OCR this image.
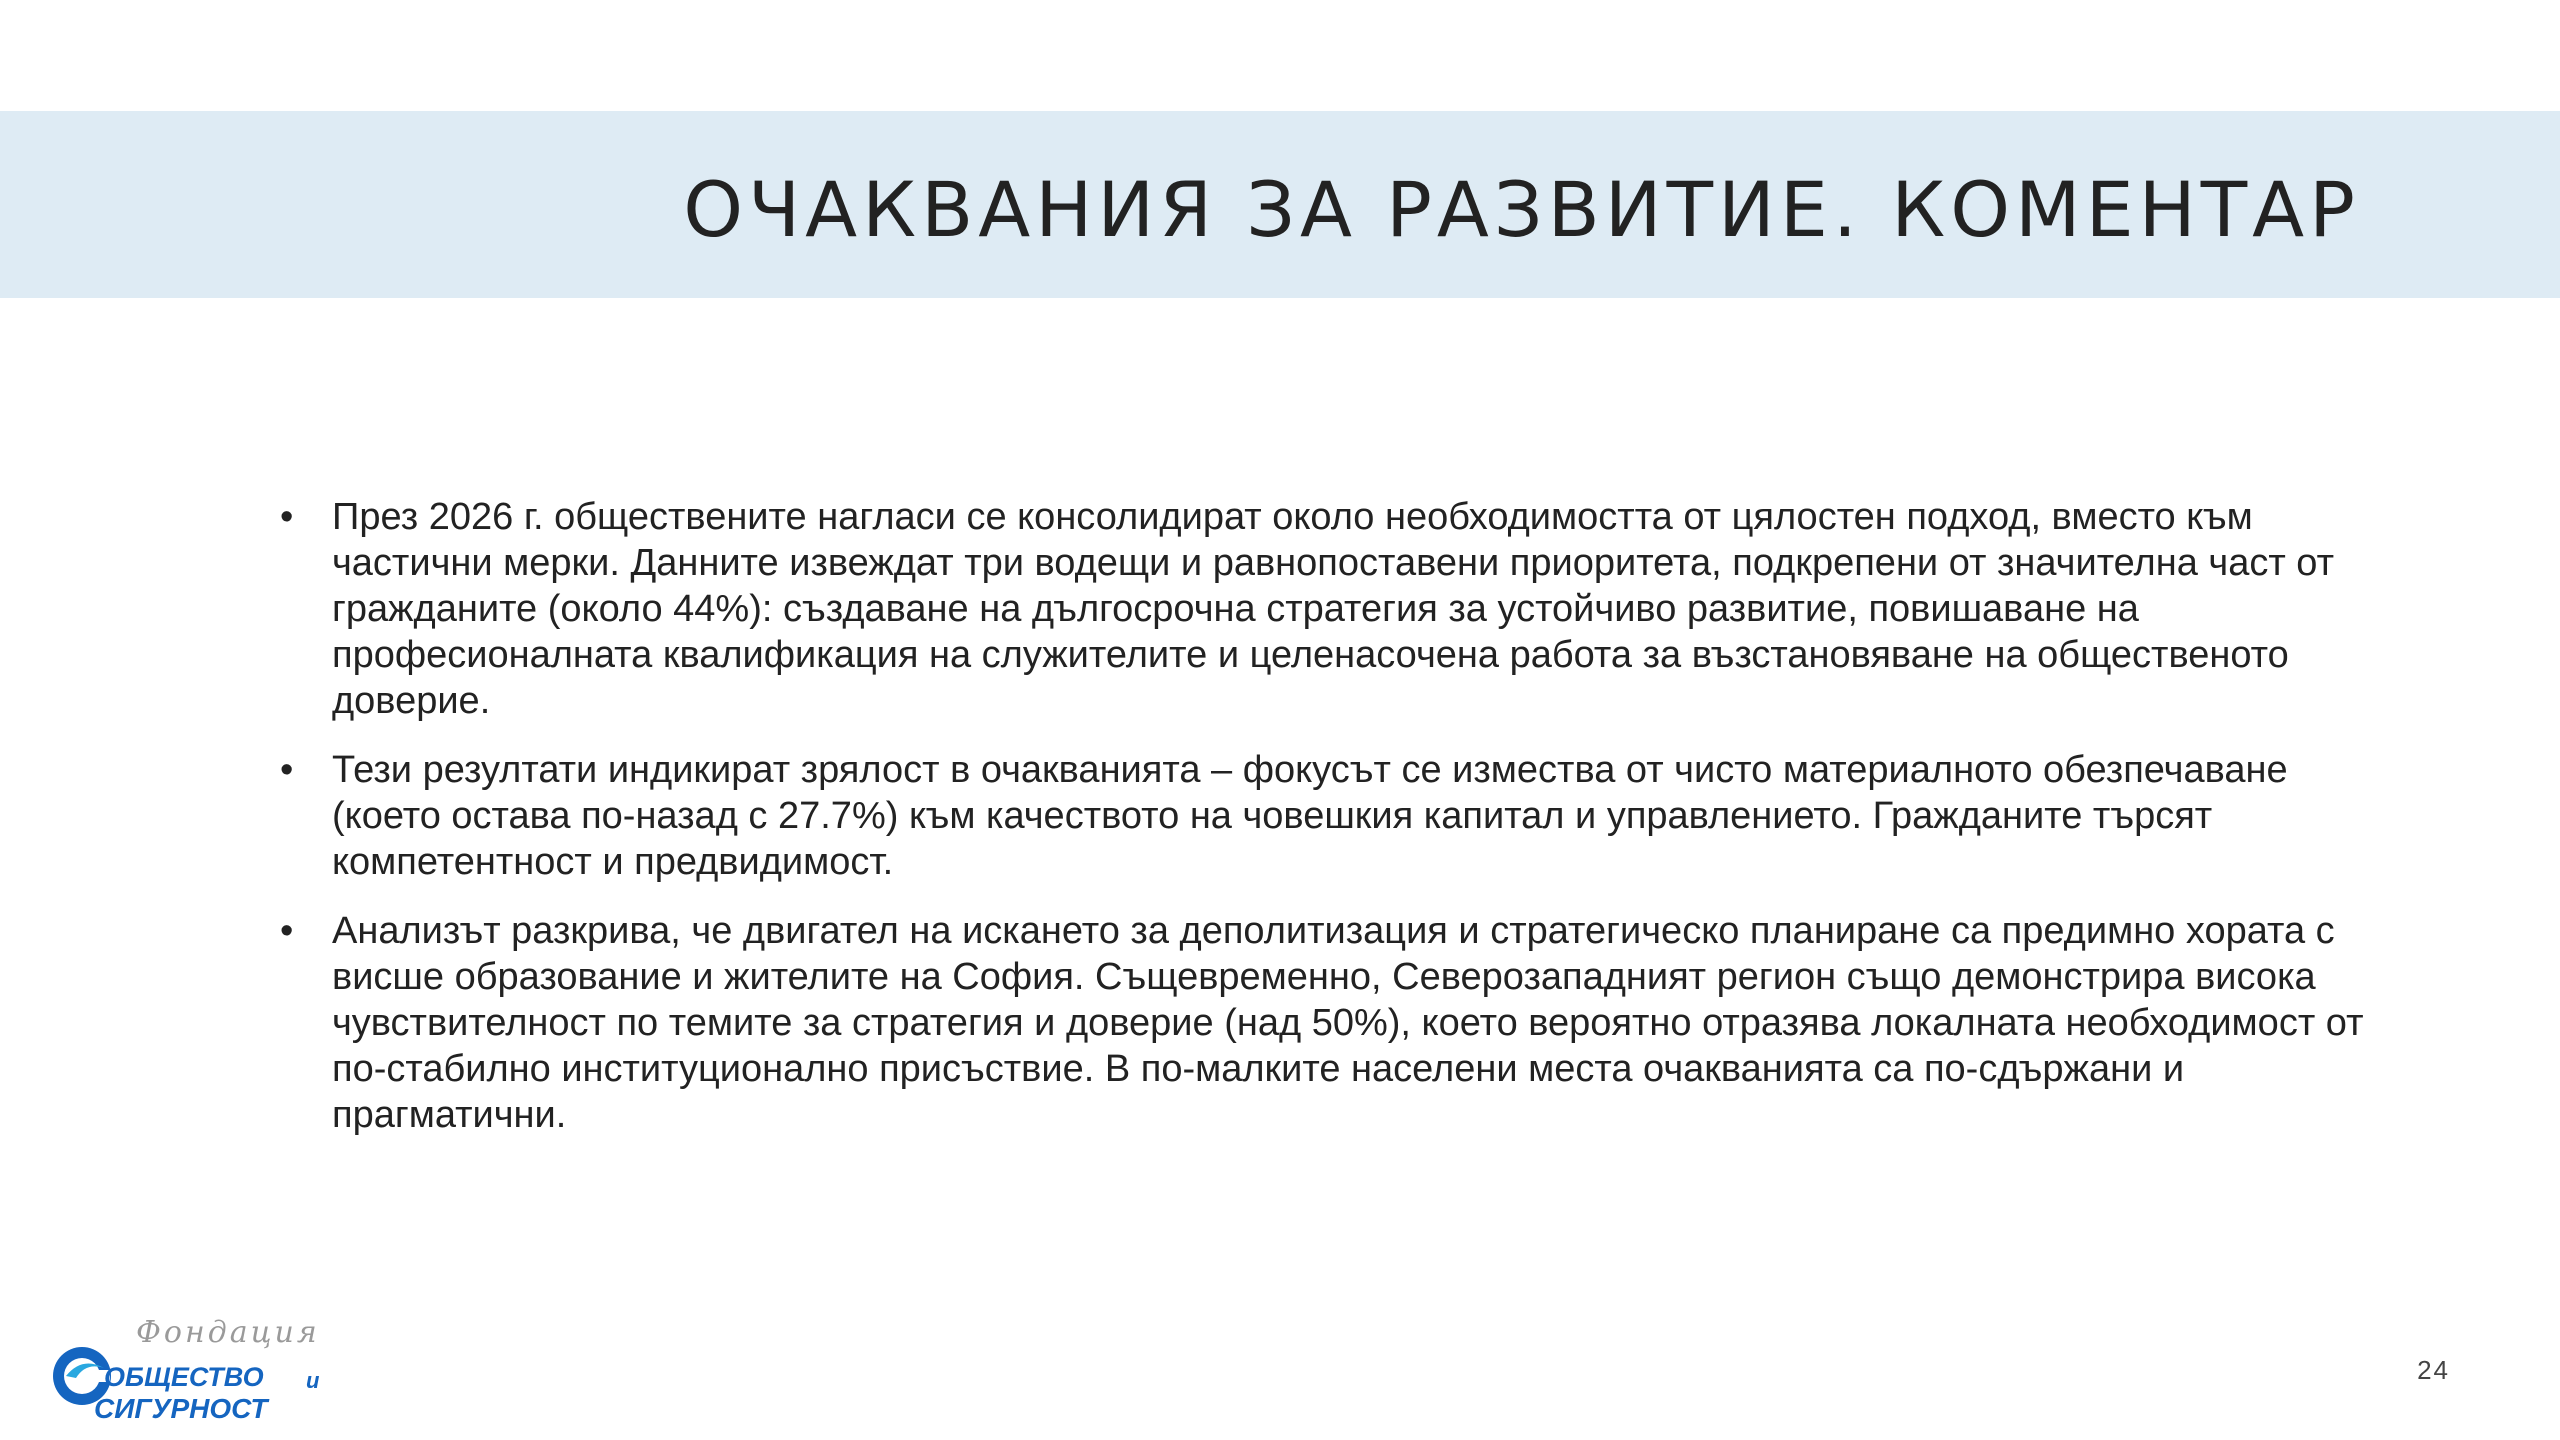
ОЧАКВАНИЯ ЗА РАЗВИТИЕ. КОМЕНТАР
• През 2026 г. обществените нагласи се консолидират около необходимостта от цялостен подход, вместо към частични мерки. Данните извеждат три водещи и равнопоставени приоритета, подкрепени от значителна част от гражданите (около 44%): създаване на дългосрочна стратегия за устойчиво развитие, повишаване на професионалната квалификация на служителите и целенасочена работа за възстановяване на общественото доверие.
• Тези резултати индикират зрялост в очакванията – фокусът се измества от чисто материалното обезпечаване (което остава по-назад с 27.7%) към качеството на човешкия капитал и управлението. Гражданите търсят компетентност и предвидимост.
• Анализът разкрива, че двигател на искането за деполитизация и стратегическо планиране са предимно хората с висше образование и жителите на София. Същевременно, Северозападният регион също демонстрира висока чувствителност по темите за стратегия и доверие (над 50%), което вероятно отразява локалната необходимост от по-стабилно институционално присъствие. В по-малките населени места очакванията са по-сдържани и прагматични.
Фондация
ОБЩЕСТВО и
СИГУРНОСТ
24
